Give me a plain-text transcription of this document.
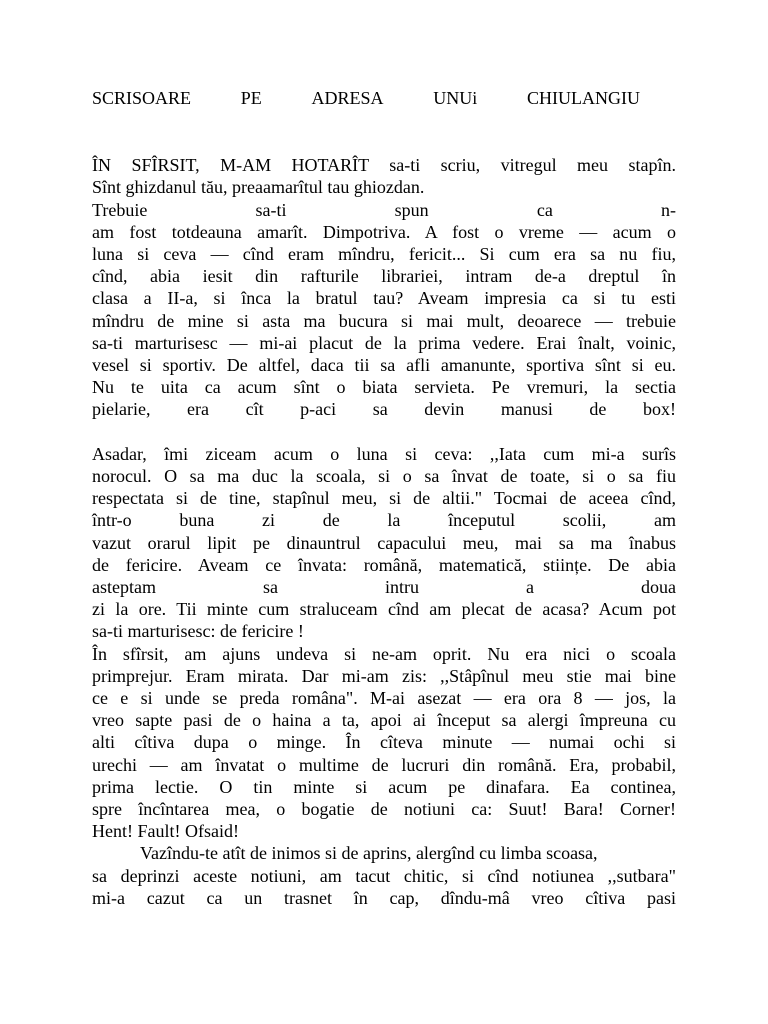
SCRISOARE	PE	ADRESA	UNUi	CHIULANGIU
ÎN SFÎRSIT, M-AM HOTARÎT sa-ti scriu, vitregul meu stapîn.
Sînt ghizdanul tău, preaamarîtul tau ghiozdan.
Trebuie sa-ti spun ca n-
am fost totdeauna amarît. Dimpotriva. A fost o vreme — acum o
luna si ceva — cînd eram mîndru, fericit... Si cum era sa nu fiu,
cînd, abia iesit din rafturile librariei, intram de-a dreptul în
clasa a II-a, si înca la bratul tau? Aveam impresia ca si tu esti
mîndru de mine si asta ma bucura si mai mult, deoarece — trebuie
sa-ti marturisesc — mi-ai placut de la prima vedere. Erai înalt, voinic,
vesel si sportiv. De altfel, daca tii sa afli amanunte, sportiva sînt si eu.
Nu te uita ca acum sînt o biata servieta. Pe vremuri, la sectia
pielarie, era cît p-aci sa devin manusi de box!
Asadar, îmi ziceam acum o luna si ceva: ,,Iata cum mi-a surîs
norocul. O sa ma duc la scoala, si o sa învat de toate, si o sa fiu
respectata si de tine, stapînul meu, si de altii." Tocmai de aceea cînd,
într-o buna zi de la începutul scolii, am
vazut orarul lipit pe dinauntrul capacului meu, mai sa ma înabus
de fericire. Aveam ce învata: română, matematică, stiințe. De abia
asteptam sa intru a doua
zi la ore. Tii minte cum straluceam cînd am plecat de acasa? Acum pot
sa-ti marturisesc: de fericire !
În sfîrsit, am ajuns undeva si ne-am oprit. Nu era nici o scoala
primprejur. Eram mirata. Dar mi-am zis: ,,Stâpînul meu stie mai bine
ce e si unde se preda româna". M-ai asezat — era ora 8 — jos, la
vreo sapte pasi de o haina a ta, apoi ai început sa alergi împreuna cu
alti cîtiva dupa o minge. În cîteva minute — numai ochi si
urechi — am învatat o multime de lucruri din română. Era, probabil,
prima lectie. O tin minte si acum pe dinafara. Ea continea,
spre încîntarea mea, o bogatie de notiuni ca: Suut! Bara! Corner!
Hent! Fault! Ofsaid!
Vazîndu-te atît de inimos si de aprins, alergînd cu limba scoasa,
sa deprinzi aceste notiuni, am tacut chitic, si cînd notiunea ,,sutbara"
mi-a cazut ca un trasnet în cap, dîndu-mâ vreo cîtiva pasi
